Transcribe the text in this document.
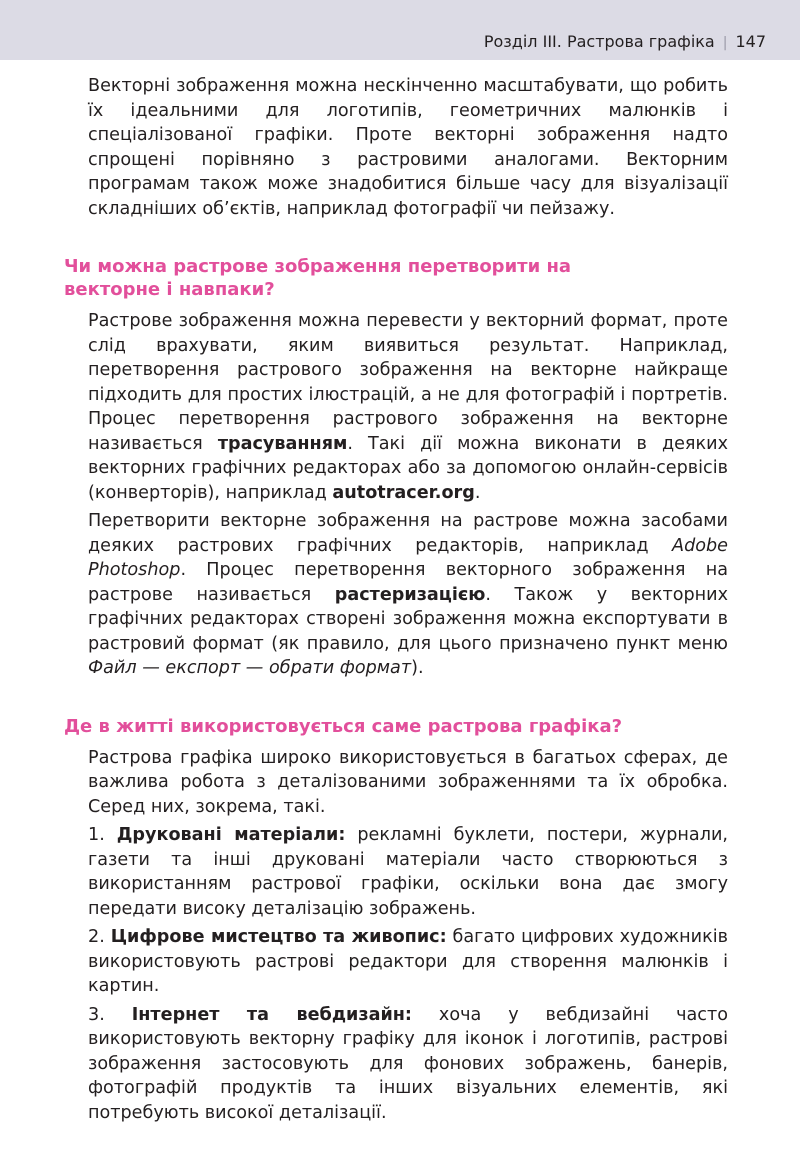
Розділ III. Растрова графіка | 147

Векторні зображення можна нескінченно масштабувати, що робить їх ідеальними для логотипів, геометричних малюнків і спеціалізованої графіки. Проте векторні зображення надто спрощені порівняно з растровими аналогами. Векторним програмам також може знадобитися більше часу для візуалізації складніших об’єктів, наприклад фотографії чи пейзажу.

Чи можна растрове зображення перетворити на векторне і навпаки?

Растрове зображення можна перевести у векторний формат, проте слід врахувати, яким виявиться результат. Наприклад, перетворення растрового зображення на векторне найкраще підходить для простих ілюстрацій, а не для фотографій і портретів. Процес перетворення растрового зображення на векторне називається трасуванням. Такі дії можна виконати в деяких векторних графічних редакторах або за допомогою онлайн-сервісів (конверторів), наприклад autotracer.org.

Перетворити векторне зображення на растрове можна засобами деяких растрових графічних редакторів, наприклад Adobe Photoshop. Процес перетворення векторного зображення на растрове називається растеризацією. Також у векторних графічних редакторах створені зображення можна експортувати в растровий формат (як правило, для цього призначено пункт меню Файл — експорт — обрати формат).

Де в житті використовується саме растрова графіка?

Растрова графіка широко використовується в багатьох сферах, де важлива робота з деталізованими зображеннями та їх обробка. Серед них, зокрема, такі.

1. Друковані матеріали: рекламні буклети, постери, журнали, газети та інші друковані матеріали часто створюються з використанням растрової графіки, оскільки вона дає змогу передати високу деталізацію зображень.

2. Цифрове мистецтво та живопис: багато цифрових художників використовують растрові редактори для створення малюнків і картин.

3. Інтернет та вебдизайн: хоча у вебдизайні часто використовують векторну графіку для іконок і логотипів, растрові зображення застосовують для фонових зображень, банерів, фотографій продуктів та інших візуальних елементів, які потребують високої деталізації.
